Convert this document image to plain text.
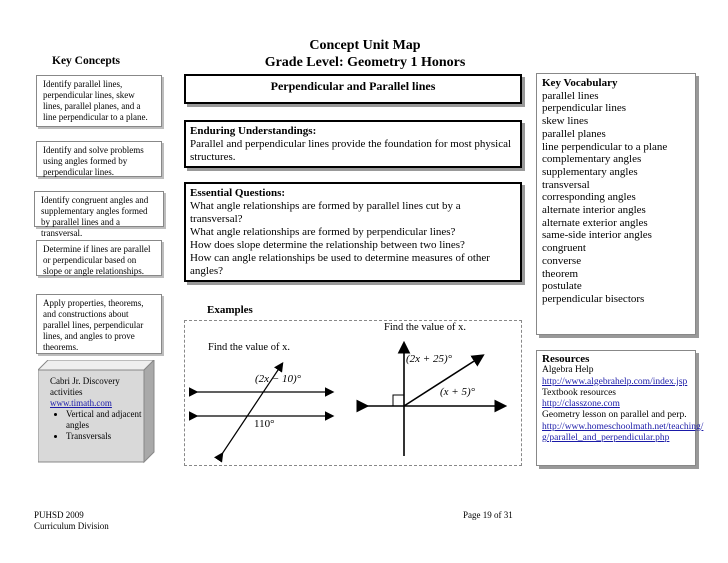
Concept Unit Map
Grade Level: Geometry 1 Honors
Key Concepts
Identify parallel lines, perpendicular lines, skew lines, parallel planes, and a line perpendicular to a plane.
Identify and solve problems using angles formed by perpendicular lines.
Identify congruent angles and supplementary angles formed by parallel lines and a transversal.
Determine if lines are parallel or perpendicular based on slope or angle relationships.
Apply properties, theorems, and constructions about parallel lines, perpendicular lines, and angles to prove theorems.
Cabri Jr. Discovery
activities
www.timath.com
• Vertical and adjacent angles
• Transversals
Perpendicular and Parallel lines
Enduring Understandings:
Parallel and perpendicular lines provide the foundation for most physical structures.
Essential Questions:
What angle relationships are formed by parallel lines cut by a
transversal?
What angle relationships are formed by perpendicular lines?
How does slope determine the relationship between two lines?
How can angle relationships be used to determine measures of other
angles?
Examples
Find the value of x.
Find the value of x.
(2x − 10)°
110°
(2x + 25)°
(x + 5)°
Key Vocabulary
parallel lines
perpendicular lines
skew lines
parallel planes
line perpendicular to a plane
complementary angles
supplementary angles
transversal
corresponding angles
alternate interior angles
alternate exterior angles
same-side interior angles
congruent
converse
theorem
postulate
perpendicular bisectors
Resources
Algebra Help
http://www.algebrahelp.com/index.jsp
Textbook resources
http://classzone.com
Geometry lesson on parallel and perp.
http://www.homeschoolmath.net/teaching/
g/parallel_and_perpendicular.php
PUHSD 2009
Curriculum Division
Page 19 of 31
